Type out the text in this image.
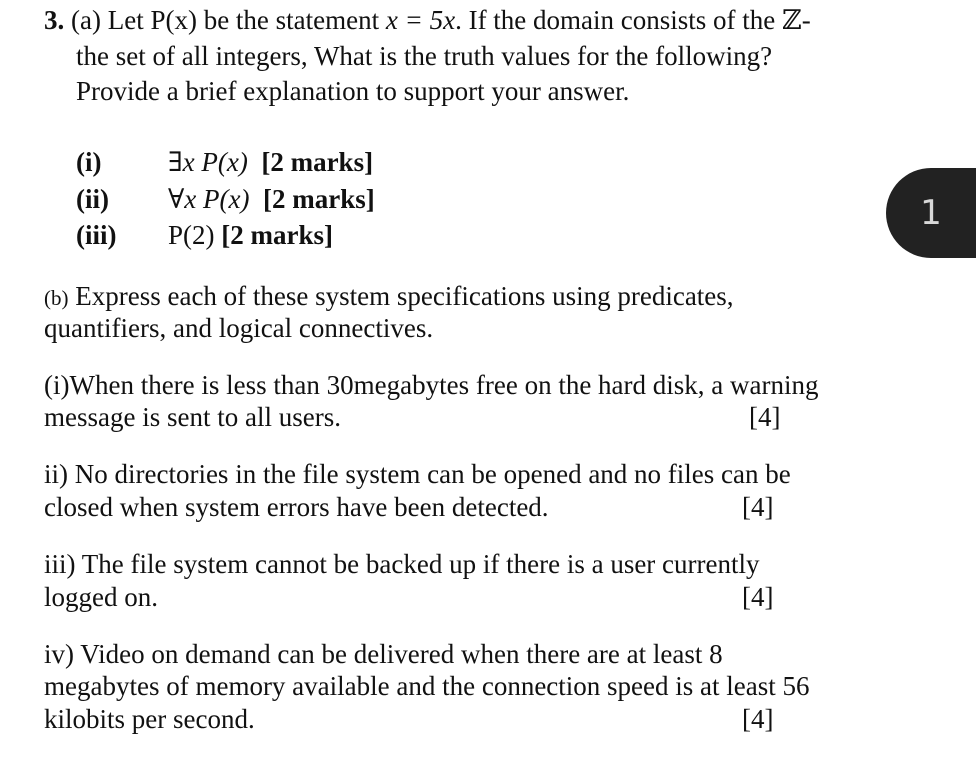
3. (a) Let P(x) be the statement x = 5x. If the domain consists of the ℤ-
the set of all integers, What is the truth values for the following?
Provide a brief explanation to support your answer.
(i) ∃x P(x) [2 marks]
(ii) ∀x P(x) [2 marks]
(iii) P(2) [2 marks]
1
(b) Express each of these system specifications using predicates,
quantifiers, and logical connectives.
(i)When there is less than 30megabytes free on the hard disk, a warning
message is sent to all users.	[4]
ii) No directories in the file system can be opened and no files can be
closed when system errors have been detected.	[4]
iii) The file system cannot be backed up if there is a user currently
logged on.	[4]
iv) Video on demand can be delivered when there are at least 8
megabytes of memory available and the connection speed is at least 56
kilobits per second.	[4]
